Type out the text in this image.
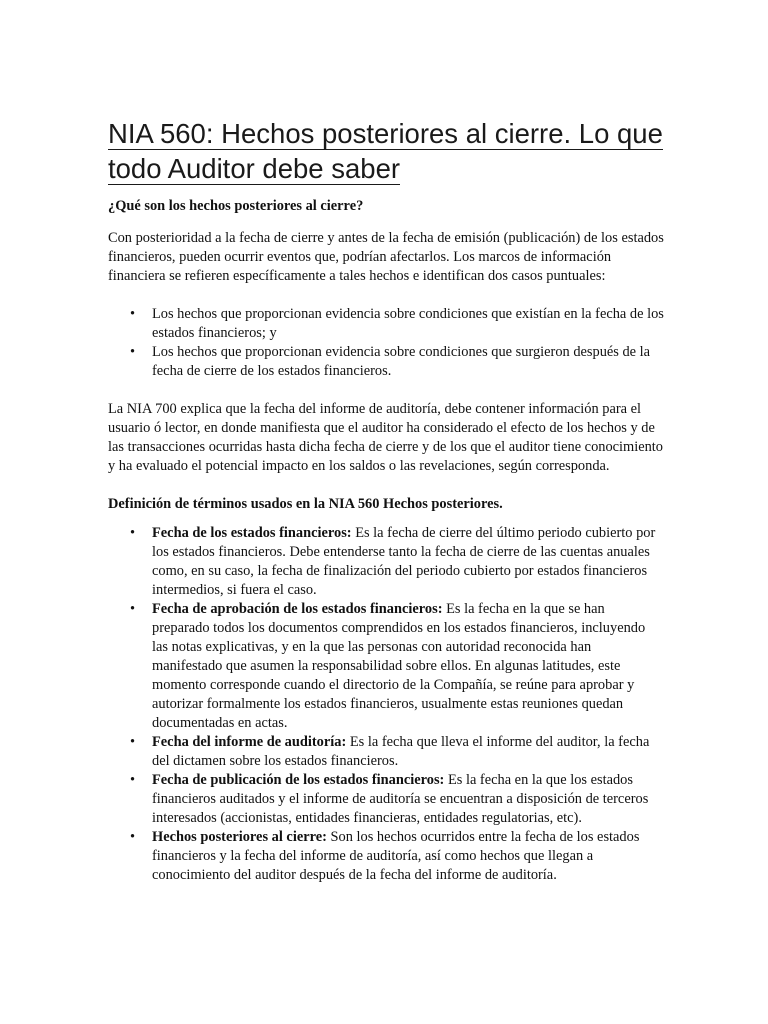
NIA 560: Hechos posteriores al cierre. Lo que todo Auditor debe saber
¿Qué son los hechos posteriores al cierre?

Con posterioridad a la fecha de cierre y antes de la fecha de emisión (publicación) de los estados financieros, pueden ocurrir eventos que, podrían afectarlos. Los marcos de información financiera se refieren específicamente a tales hechos e identifican dos casos puntuales:

• Los hechos que proporcionan evidencia sobre condiciones que existían en la fecha de los estados financieros; y
• Los hechos que proporcionan evidencia sobre condiciones que surgieron después de la fecha de cierre de los estados financieros.

La NIA 700 explica que la fecha del informe de auditoría, debe contener información para el usuario ó lector, en donde manifiesta que el auditor ha considerado el efecto de los hechos y de las transacciones ocurridas hasta dicha fecha de cierre y de los que el auditor tiene conocimiento y ha evaluado el potencial impacto en los saldos o las revelaciones, según corresponda.

Definición de términos usados en la NIA 560 Hechos posteriores.
• Fecha de los estados financieros: Es la fecha de cierre del último periodo cubierto por los estados financieros. Debe entenderse tanto la fecha de cierre de las cuentas anuales como, en su caso, la fecha de finalización del periodo cubierto por estados financieros intermedios, si fuera el caso.
• Fecha de aprobación de los estados financieros: Es la fecha en la que se han preparado todos los documentos comprendidos en los estados financieros, incluyendo las notas explicativas, y en la que las personas con autoridad reconocida han manifestado que asumen la responsabilidad sobre ellos. En algunas latitudes, este momento corresponde cuando el directorio de la Compañía, se reúne para aprobar y autorizar formalmente los estados financieros, usualmente estas reuniones quedan documentadas en actas.
• Fecha del informe de auditoría: Es la fecha que lleva el informe del auditor, la fecha del dictamen sobre los estados financieros.
• Fecha de publicación de los estados financieros: Es la fecha en la que los estados financieros auditados y el informe de auditoría se encuentran a disposición de terceros interesados (accionistas, entidades financieras, entidades regulatorias, etc).
• Hechos posteriores al cierre: Son los hechos ocurridos entre la fecha de los estados financieros y la fecha del informe de auditoría, así como hechos que llegan a conocimiento del auditor después de la fecha del informe de auditoría.
